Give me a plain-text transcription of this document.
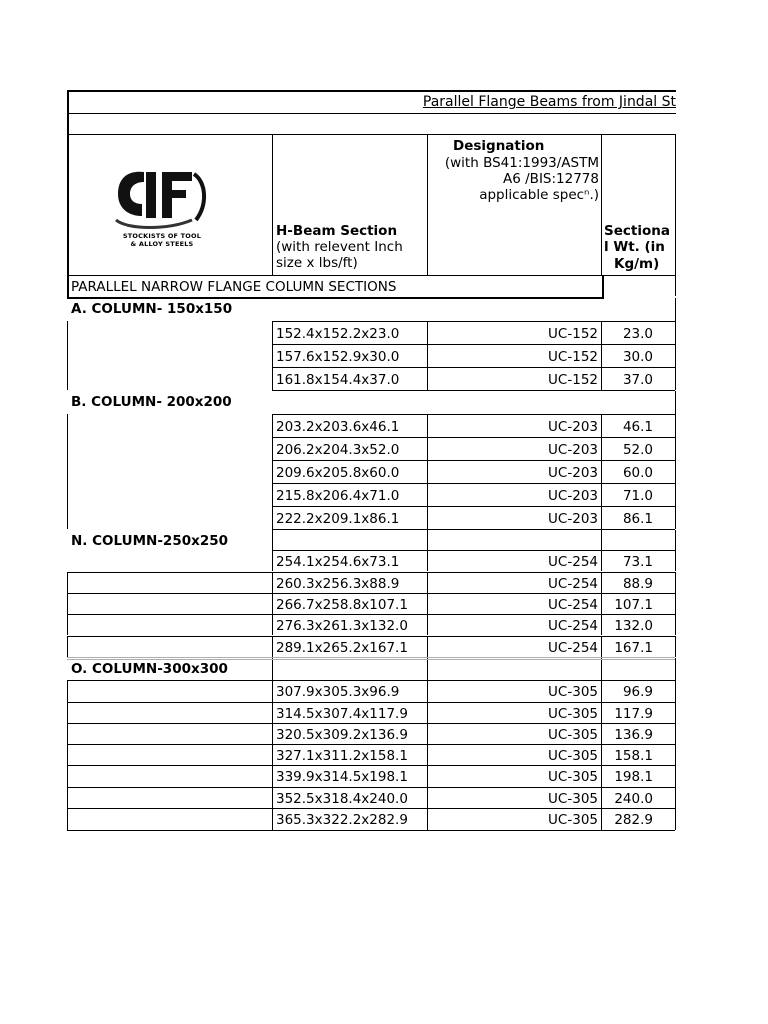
Parallel Flange Beams from Jindal St
STOCKISTS OF TOOL
& ALLOY STEELS
H-Beam Section
(with relevent Inch
size x lbs/ft)
Designation
(with BS41:1993/ASTM
A6 /BIS:12778
applicable specⁿ.)
Sectiona
l Wt. (in
Kg/m)
PARALLEL NARROW FLANGE COLUMN SECTIONS
A. COLUMN- 150x150
152.4x152.2x23.0	UC-152	23.0
157.6x152.9x30.0	UC-152	30.0
161.8x154.4x37.0	UC-152	37.0
B. COLUMN- 200x200
203.2x203.6x46.1	UC-203	46.1
206.2x204.3x52.0	UC-203	52.0
209.6x205.8x60.0	UC-203	60.0
215.8x206.4x71.0	UC-203	71.0
222.2x209.1x86.1	UC-203	86.1
N. COLUMN-250x250
254.1x254.6x73.1	UC-254	73.1
260.3x256.3x88.9	UC-254	88.9
266.7x258.8x107.1	UC-254	107.1
276.3x261.3x132.0	UC-254	132.0
289.1x265.2x167.1	UC-254	167.1
O. COLUMN-300x300
307.9x305.3x96.9	UC-305	96.9
314.5x307.4x117.9	UC-305	117.9
320.5x309.2x136.9	UC-305	136.9
327.1x311.2x158.1	UC-305	158.1
339.9x314.5x198.1	UC-305	198.1
352.5x318.4x240.0	UC-305	240.0
365.3x322.2x282.9	UC-305	282.9
